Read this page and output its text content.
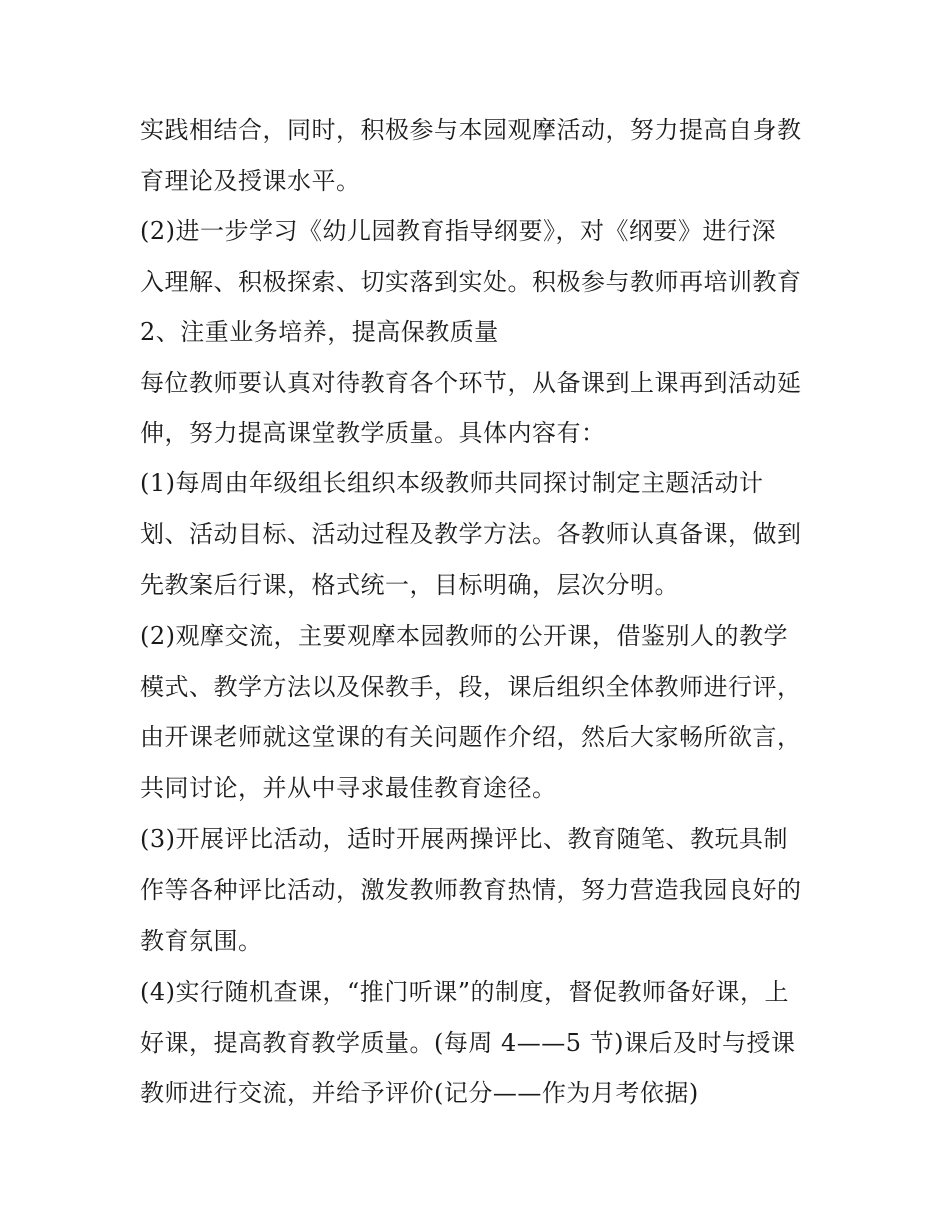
实践相结合，同时，积极参与本园观摩活动，努力提高自身教
育理论及授课水平。
(2)进一步学习《幼儿园教育指导纲要》，对《纲要》进行深
入理解、积极探索、切实落到实处。积极参与教师再培训教育
2、注重业务培养，提高保教质量
每位教师要认真对待教育各个环节，从备课到上课再到活动延
伸，努力提高课堂教学质量。具体内容有：
(1)每周由年级组长组织本级教师共同探讨制定主题活动计
划、活动目标、活动过程及教学方法。各教师认真备课，做到
先教案后行课，格式统一，目标明确，层次分明。
(2)观摩交流，主要观摩本园教师的公开课，借鉴别人的教学
模式、教学方法以及保教手，段，课后组织全体教师进行评，
由开课老师就这堂课的有关问题作介绍，然后大家畅所欲言，
共同讨论，并从中寻求最佳教育途径。
(3)开展评比活动，适时开展两操评比、教育随笔、教玩具制
作等各种评比活动，激发教师教育热情，努力营造我园良好的
教育氛围。
(4)实行随机查课，“推门听课”的制度，督促教师备好课，上
好课，提高教育教学质量。(每周 4——5 节)课后及时与授课
教师进行交流，并给予评价(记分——作为月考依据)
